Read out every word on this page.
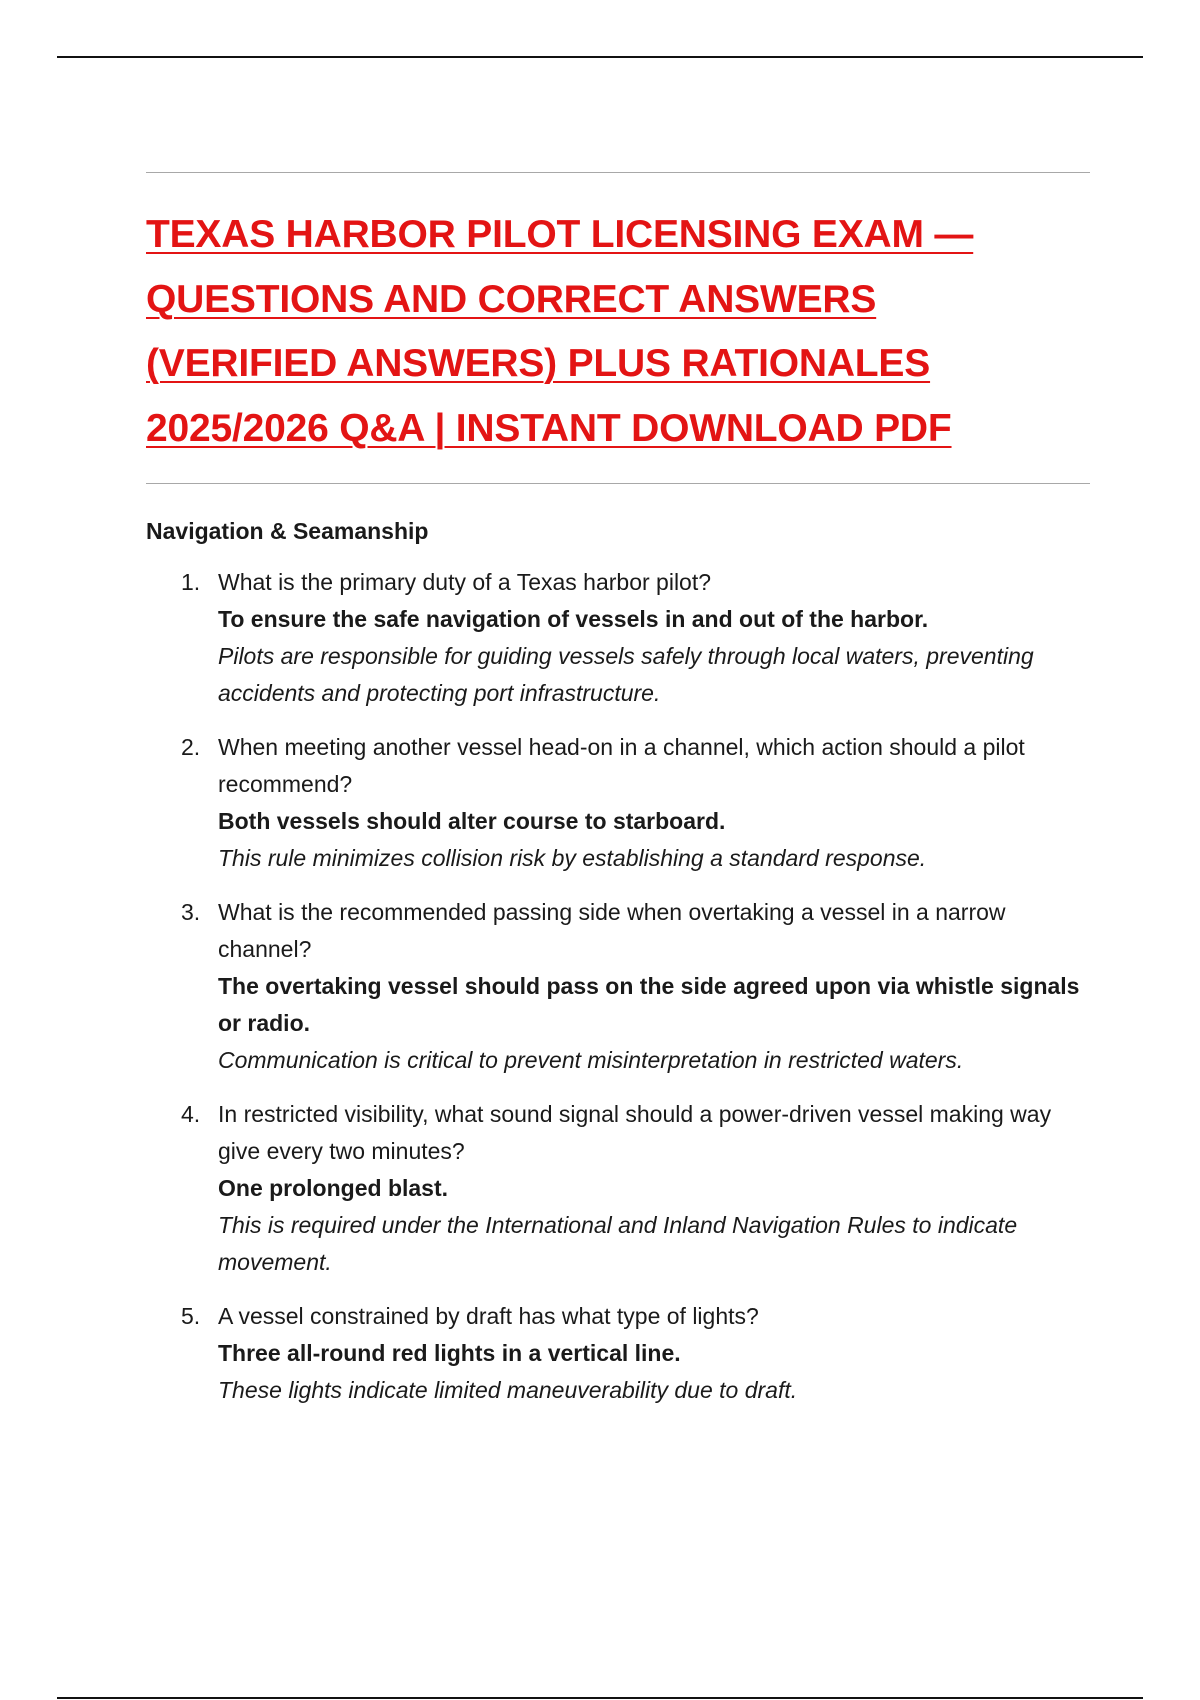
TEXAS HARBOR PILOT LICENSING EXAM —
QUESTIONS AND CORRECT ANSWERS
(VERIFIED ANSWERS) PLUS RATIONALES
2025/2026 Q&A | INSTANT DOWNLOAD PDF
Navigation & Seamanship
1. What is the primary duty of a Texas harbor pilot?
To ensure the safe navigation of vessels in and out of the harbor.
Pilots are responsible for guiding vessels safely through local waters, preventing accidents and protecting port infrastructure.
2. When meeting another vessel head-on in a channel, which action should a pilot recommend?
Both vessels should alter course to starboard.
This rule minimizes collision risk by establishing a standard response.
3. What is the recommended passing side when overtaking a vessel in a narrow channel?
The overtaking vessel should pass on the side agreed upon via whistle signals or radio.
Communication is critical to prevent misinterpretation in restricted waters.
4. In restricted visibility, what sound signal should a power-driven vessel making way give every two minutes?
One prolonged blast.
This is required under the International and Inland Navigation Rules to indicate movement.
5. A vessel constrained by draft has what type of lights?
Three all-round red lights in a vertical line.
These lights indicate limited maneuverability due to draft.
